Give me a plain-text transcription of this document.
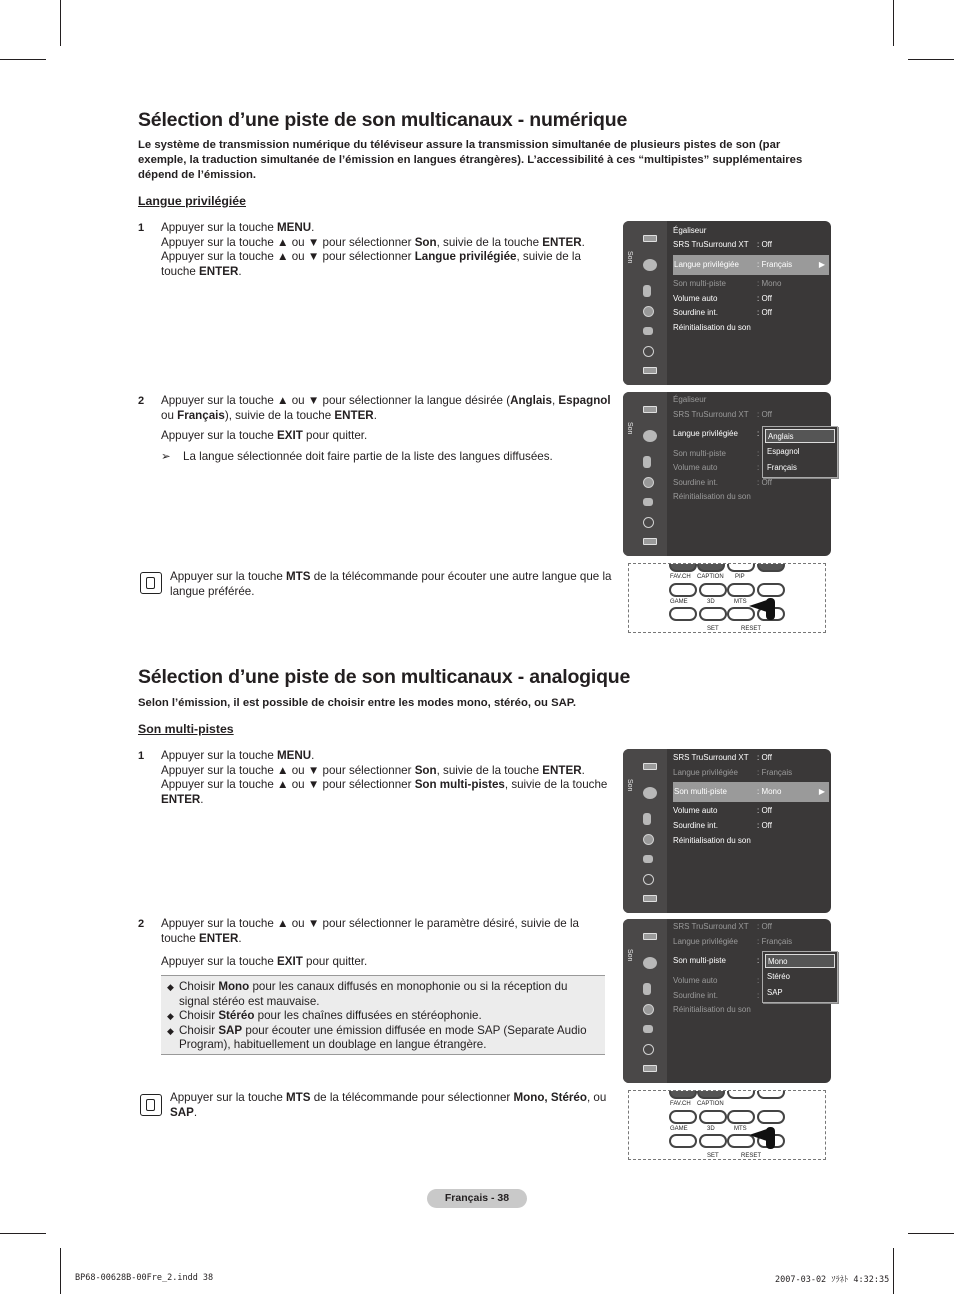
Sélection d’une piste de son multicanaux - numérique
Le système de transmission numérique du téléviseur assure la transmission simultanée de plusieurs pistes de son (par exemple, la traduction simultanée de l’émission en langues étrangères). L’accessibilité à ces “multipistes” supplémentaires dépend de l’émission.
Langue privilégiée
1 Appuyer sur la touche MENU.

Appuyer sur la touche ▲ ou ▼ pour sélectionner Son, suivie de la touche ENTER.

Appuyer sur la touche ▲ ou ▼ pour sélectionner Langue privilégiée, suivie de la touche ENTER.

2 Appuyer sur la touche ▲ ou ▼ pour sélectionner la langue désirée (Anglais, Espagnol ou Français), suivie de la touche ENTER.

Appuyer sur la touche EXIT pour quitter.

➢ La langue sélectionnée doit faire partie de la liste des langues diffusées.

Son
Égaliseur
SRS TruSurround XT : Off
Langue privilégiée : Français	▶
Son multi-piste	: Mono
Volume auto	: Off
Sourdine int.	: Off
Réinitialisation du son
Son
Égaliseur
SRS TruSurround XT : Off
Langue privilégiée :
Son multi-piste	:
Volume auto	:
Sourdine int.	: Off
Réinitialisation du son
Anglais
Espagnol
Français
Appuyer sur la touche MTS de la télécommande pour écouter une autre langue que la langue préférée.
FAV.CH CAPTION PIP
GAME	3D	MTS
SET	RESET
Sélection d’une piste de son multicanaux - analogique
Selon l’émission, il est possible de choisir entre les modes mono, stéréo, ou SAP.
Son multi-pistes
1 Appuyer sur la touche MENU.

Appuyer sur la touche ▲ ou ▼ pour sélectionner Son, suivie de la touche ENTER.

Appuyer sur la touche ▲ ou ▼ pour sélectionner Son multi-pistes, suivie de la touche ENTER.

2 Appuyer sur la touche ▲ ou ▼ pour sélectionner le paramètre désiré, suivie de la touche ENTER.

Appuyer sur la touche EXIT pour quitter.

◆ Choisir Mono pour les canaux diffusés en monophonie ou si la réception du signal stéréo est mauvaise.
◆ Choisir Stéréo pour les chaînes diffusées en stéréophonie.
◆ Choisir SAP pour écouter une émission diffusée en mode SAP (Separate Audio Program), habituellement un doublage en langue étrangère.
Son
SRS TruSurround XT : Off
Langue privilégiée : Français
Son multi-piste	: Mono	▶
Volume auto	: Off
Sourdine int.	: Off
Réinitialisation du son
Son
SRS TruSurround XT : Off
Langue privilégiée : Français
Son multi-piste	:
Volume auto	:
Sourdine int.	:
Réinitialisation du son
Mono
Stéréo
SAP
Appuyer sur la touche MTS de la télécommande pour sélectionner Mono, Stéréo, ou SAP.
FAV.CH CAPTION
GAME	3D	MTS
SET	RESET
Français - 38
BP68-00628B-00Fre_2.indd 38	2007-03-02 ｿﾗﾈﾄ 4:32:35
